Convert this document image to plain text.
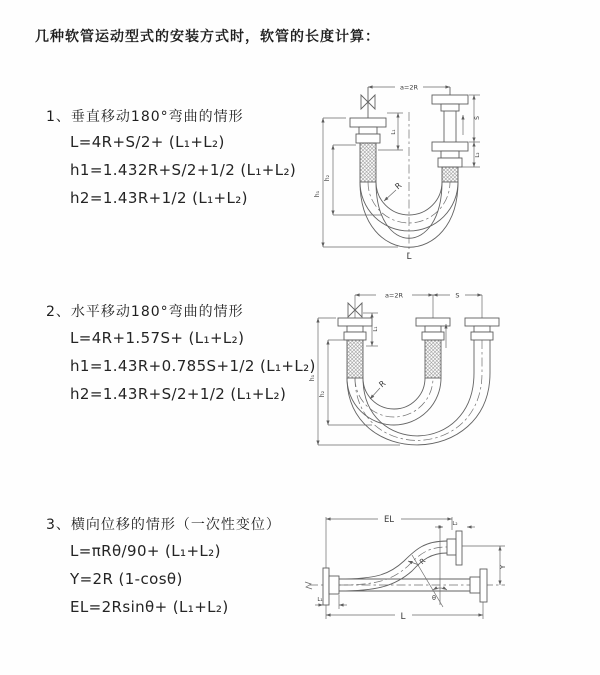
几种软管运动型式的安装方式时，软管的长度计算：
1、垂直移动180°弯曲的情形
L=4R+S/2+ (L₁+L₂)
h1=1.432R+S/2+1/2 (L₁+L₂)
h2=1.43R+1/2 (L₁+L₂)
2、水平移动180°弯曲的情形
L=4R+1.57S+ (L₁+L₂)
h1=1.43R+0.785S+1/2 (L₁+L₂)
h2=1.43R+S/2+1/2 (L₁+L₂)
3、横向位移的情形（一次性变位）
L=πRθ/90+ (L₁+L₂)
Y=2R (1-cosθ)
EL=2Rsinθ+ (L₁+L₂)
a=2R
h₁
h₂
L₁
S
L₂
R
L
a=2R	S
h₁
h₂
L₁
R
θ
R
EL	L₂
Y
L₁
L
